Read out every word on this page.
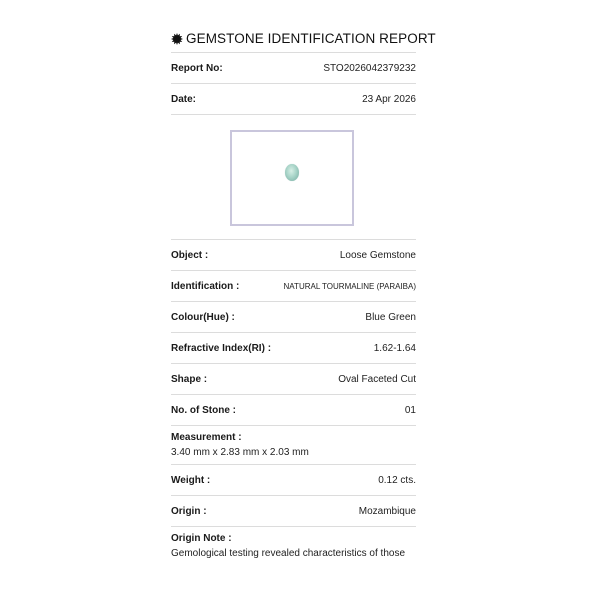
GEMSTONE IDENTIFICATION REPORT
Report No:	STO2026042379232
Date:	23 Apr 2026
Object :	Loose Gemstone
Identification :	NATURAL TOURMALINE (PARAIBA)
Colour(Hue) :	Blue Green
Refractive Index(RI) :	1.62-1.64
Shape :	Oval Faceted Cut
No. of Stone :	01
Measurement :
3.40 mm x 2.83 mm x 2.03 mm
Weight :	0.12 cts.
Origin :	Mozambique
Origin Note :
Gemological testing revealed characteristics of those
